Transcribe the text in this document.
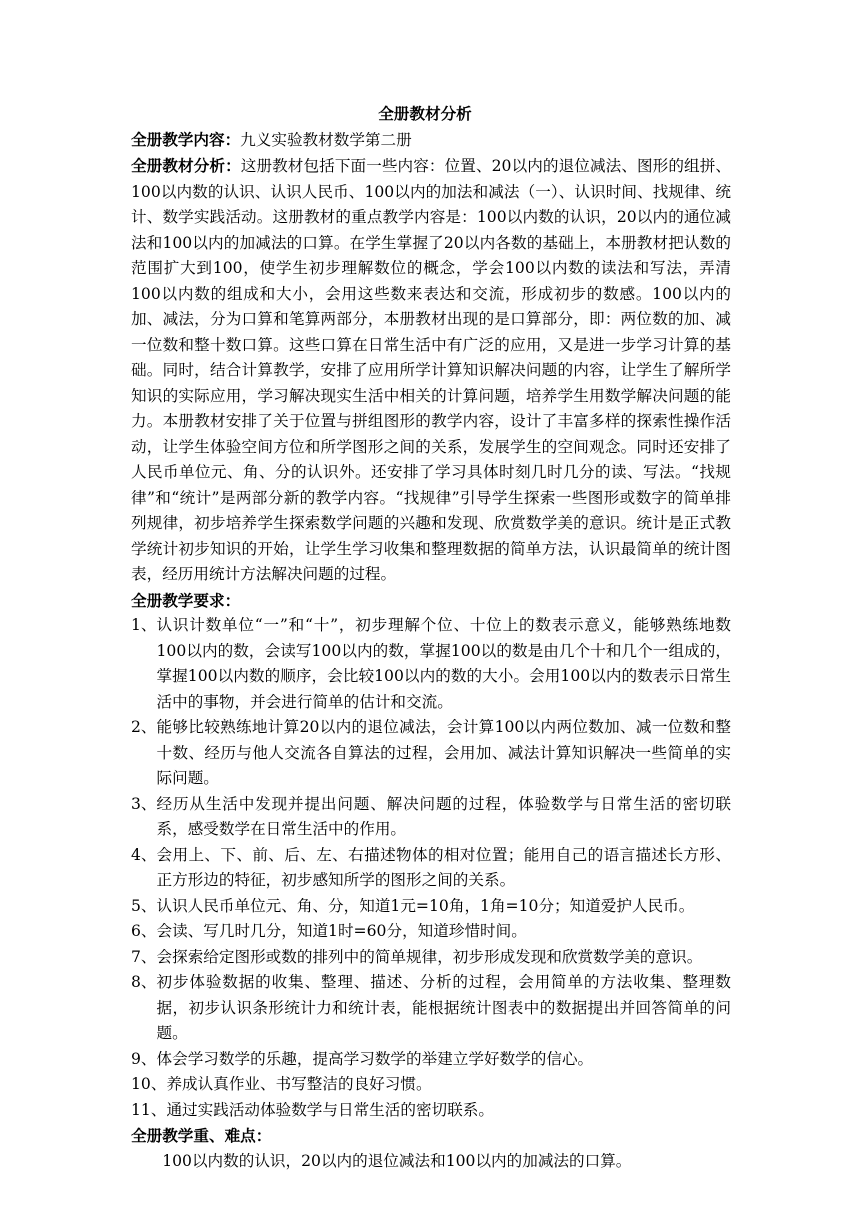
全册教材分析

全册教学内容：九义实验教材数学第二册

全册教材分析：这册教材包括下面一些内容：位置、20以内的退位减法、图形的组拼、100以内数的认识、认识人民币、100以内的加法和减法（一）、认识时间、找规律、统计、数学实践活动。这册教材的重点教学内容是：100以内数的认识，20以内的通位减法和100以内的加减法的口算。在学生掌握了20以内各数的基础上，本册教材把认数的范围扩大到100，使学生初步理解数位的概念，学会100以内数的读法和写法，弄清100以内数的组成和大小，会用这些数来表达和交流，形成初步的数感。100以内的加、减法，分为口算和笔算两部分，本册教材出现的是口算部分，即：两位数的加、减一位数和整十数口算。这些口算在日常生活中有广泛的应用，又是进一步学习计算的基础。同时，结合计算教学，安排了应用所学计算知识解决问题的内容，让学生了解所学知识的实际应用，学习解决现实生活中相关的计算问题，培养学生用数学解决问题的能力。本册教材安排了关于位置与拼组图形的教学内容，设计了丰富多样的探索性操作活动，让学生体验空间方位和所学图形之间的关系，发展学生的空间观念。同时还安排了人民币单位元、角、分的认识外。还安排了学习具体时刻几时几分的读、写法。“找规律”和“统计”是两部分新的教学内容。“找规律”引导学生探索一些图形或数字的简单排列规律，初步培养学生探索数学问题的兴趣和发现、欣赏数学美的意识。统计是正式教学统计初步知识的开始，让学生学习收集和整理数据的简单方法，认识最简单的统计图表，经历用统计方法解决问题的过程。

全册教学要求：

1、 认识计数单位“一”和“十”，初步理解个位、十位上的数表示意义，能够熟练地数100以内的数，会读写100以内的数，掌握100以的数是由几个十和几个一组成的，掌握100以内数的顺序，会比较100以内的数的大小。会用100以内的数表示日常生活中的事物，并会进行简单的估计和交流。
2、 能够比较熟练地计算20以内的退位减法，会计算100以内两位数加、减一位数和整十数、经历与他人交流各自算法的过程，会用加、减法计算知识解决一些简单的实际问题。
3、 经历从生活中发现并提出问题、解决问题的过程，体验数学与日常生活的密切联系，感受数学在日常生活中的作用。
4、 会用上、下、前、后、左、右描述物体的相对位置；能用自己的语言描述长方形、正方形边的特征，初步感知所学的图形之间的关系。
5、 认识人民币单位元、角、分，知道1元=10角，1角=10分；知道爱护人民币。
6、 会读、写几时几分，知道1时=60分，知道珍惜时间。
7、 会探索给定图形或数的排列中的简单规律，初步形成发现和欣赏数学美的意识。
8、 初步体验数据的收集、整理、描述、分析的过程，会用简单的方法收集、整理数据，初步认识条形统计力和统计表，能根据统计图表中的数据提出并回答简单的问题。
9、 体会学习数学的乐趣，提高学习数学的举建立学好数学的信心。
10、 养成认真作业、书写整洁的良好习惯。
11、 通过实践活动体验数学与日常生活的密切联系。

全册教学重、难点：

100以内数的认识，20以内的退位减法和100以内的加减法的口算。
